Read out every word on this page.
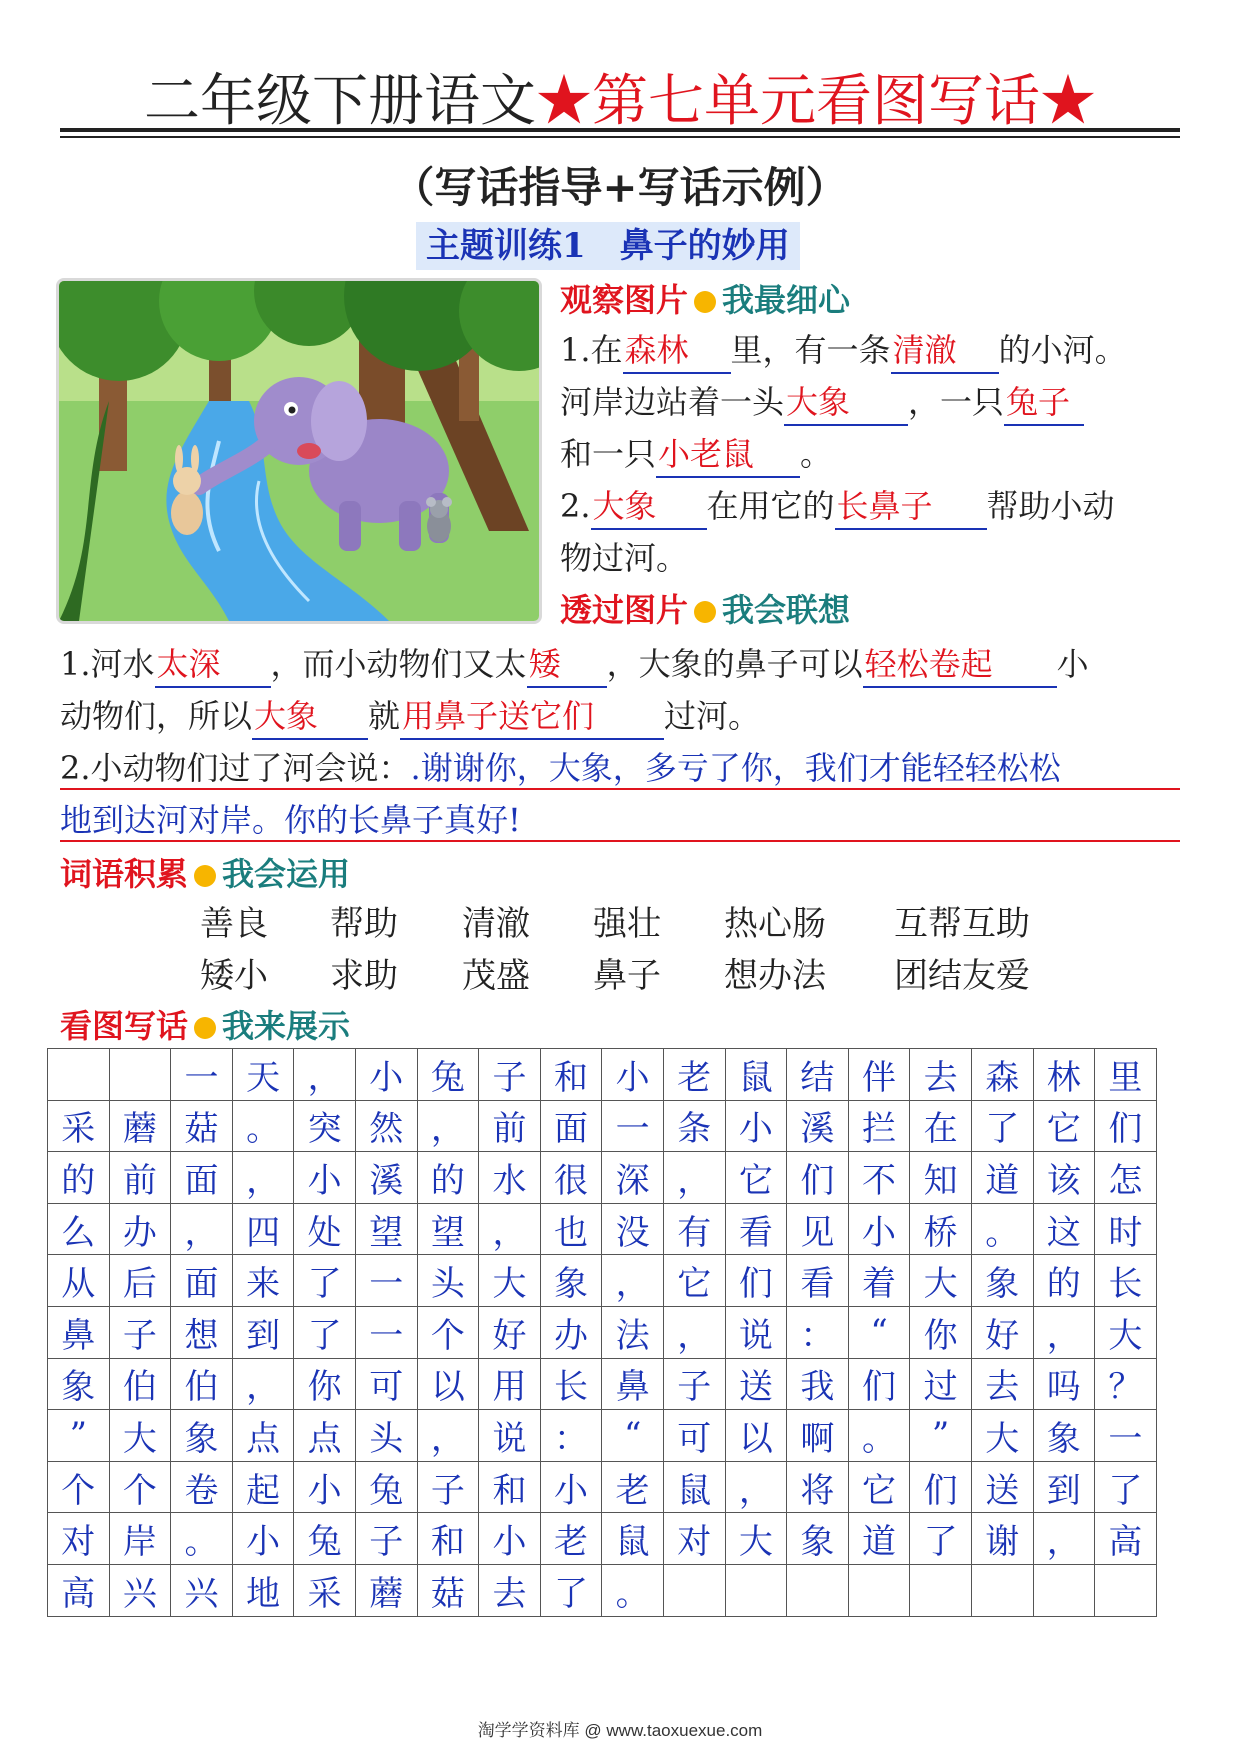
二年级下册语文★第七单元看图写话★
（写话指导+写话示例）
主题训练1　鼻子的妙用
观察图片 我最细心
1.在森林 里，有一条清澈 的小河。
河岸边站着一头大象 ，一只兔子
和一只小老鼠 。
2.大象 在用它的长鼻子 帮助小动
物过河。
透过图片 我会联想
1.河水太深 ，而小动物们又太矮 ，大象的鼻子可以轻松卷起 小
动物们，所以大象 就用鼻子送它们 过河。
2.小动物们过了河会说：.谢谢你，大象，多亏了你，我们才能轻轻松松
地到达河对岸。你的长鼻子真好!
词语积累 我会运用
善良 帮助 清澈 强壮 热心肠 互帮互助
矮小 求助 茂盛 鼻子 想办法 团结友爱
看图写话 我来展示
		一	天	，	小	兔	子	和	小	老	鼠	结	伴	去	森	林	里
采	蘑	菇	。	突	然	，	前	面	一	条	小	溪	拦	在	了	它	们
的	前	面	，	小	溪	的	水	很	深	，	它	们	不	知	道	该	怎
么	办	，	四	处	望	望	，	也	没	有	看	见	小	桥	。	这	时
从	后	面	来	了	一	头	大	象	，	它	们	看	着	大	象	的	长
鼻	子	想	到	了	一	个	好	办	法	，	说	：	“	你	好	，	大
象	伯	伯	，	你	可	以	用	长	鼻	子	送	我	们	过	去	吗	？
”	大	象	点	点	头	，	说	：	“	可	以	啊	。	”	大	象	一
个	个	卷	起	小	兔	子	和	小	老	鼠	，	将	它	们	送	到	了
对	岸	。	小	兔	子	和	小	老	鼠	对	大	象	道	了	谢	，	高
高	兴	兴	地	采	蘑	菇	去	了	。								
淘学学资料库 @ www.taoxuexue.com
